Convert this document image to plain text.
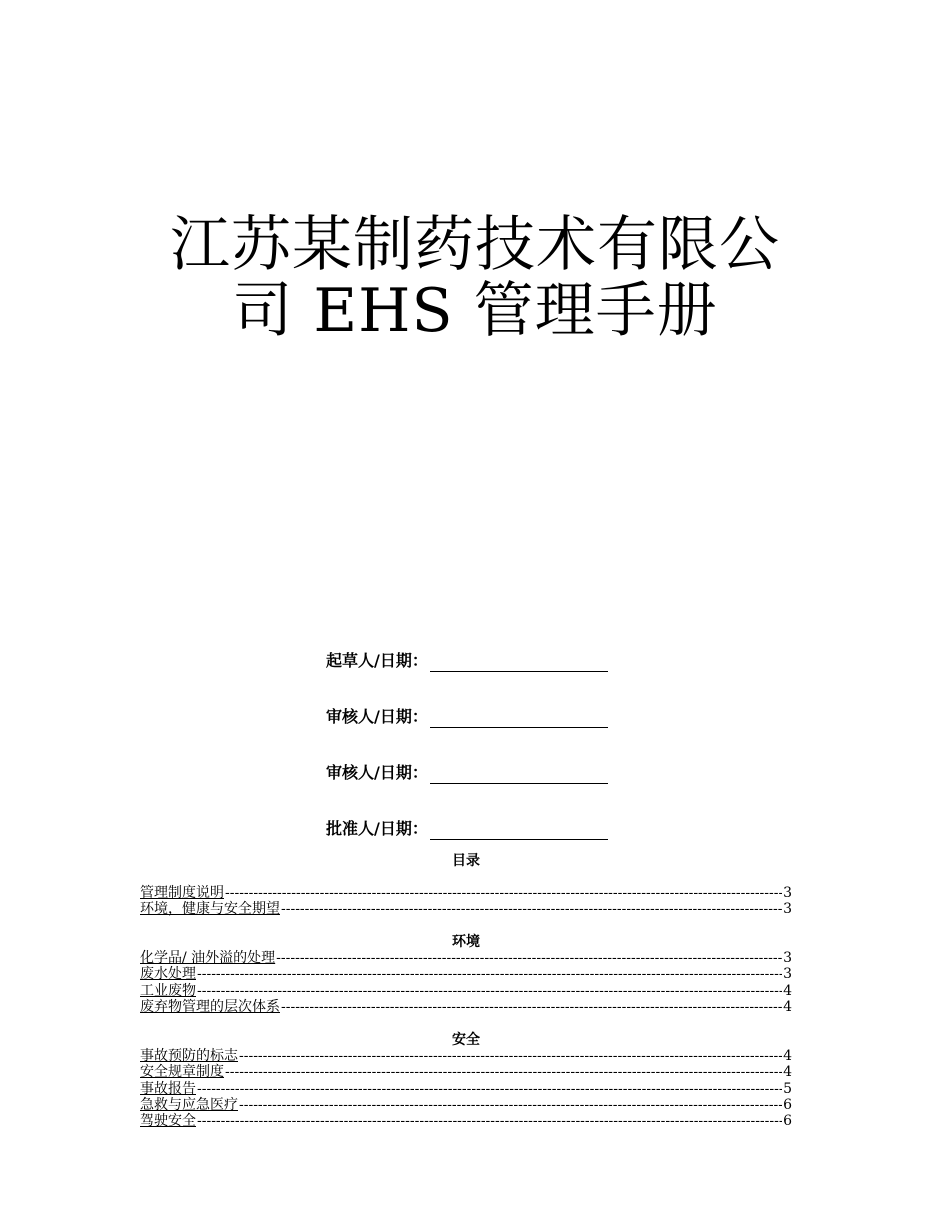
江苏某制药技术有限公
司 EHS 管理手册
起草人/日期：
审核人/日期：
审核人/日期：
批准人/日期：
目录
管理制度说明 -----	3
环境，健康与安全期望 -----	3
环境
化学品/ 油外溢的处理 -----	3
废水处理 -----	3
工业废物 -----	4
废弃物管理的层次体系 -----	4
安全
事故预防的标志 -----	4
安全规章制度 -----	4
事故报告 -----	5
急救与应急医疗 -----	6
驾驶安全 -----	6
